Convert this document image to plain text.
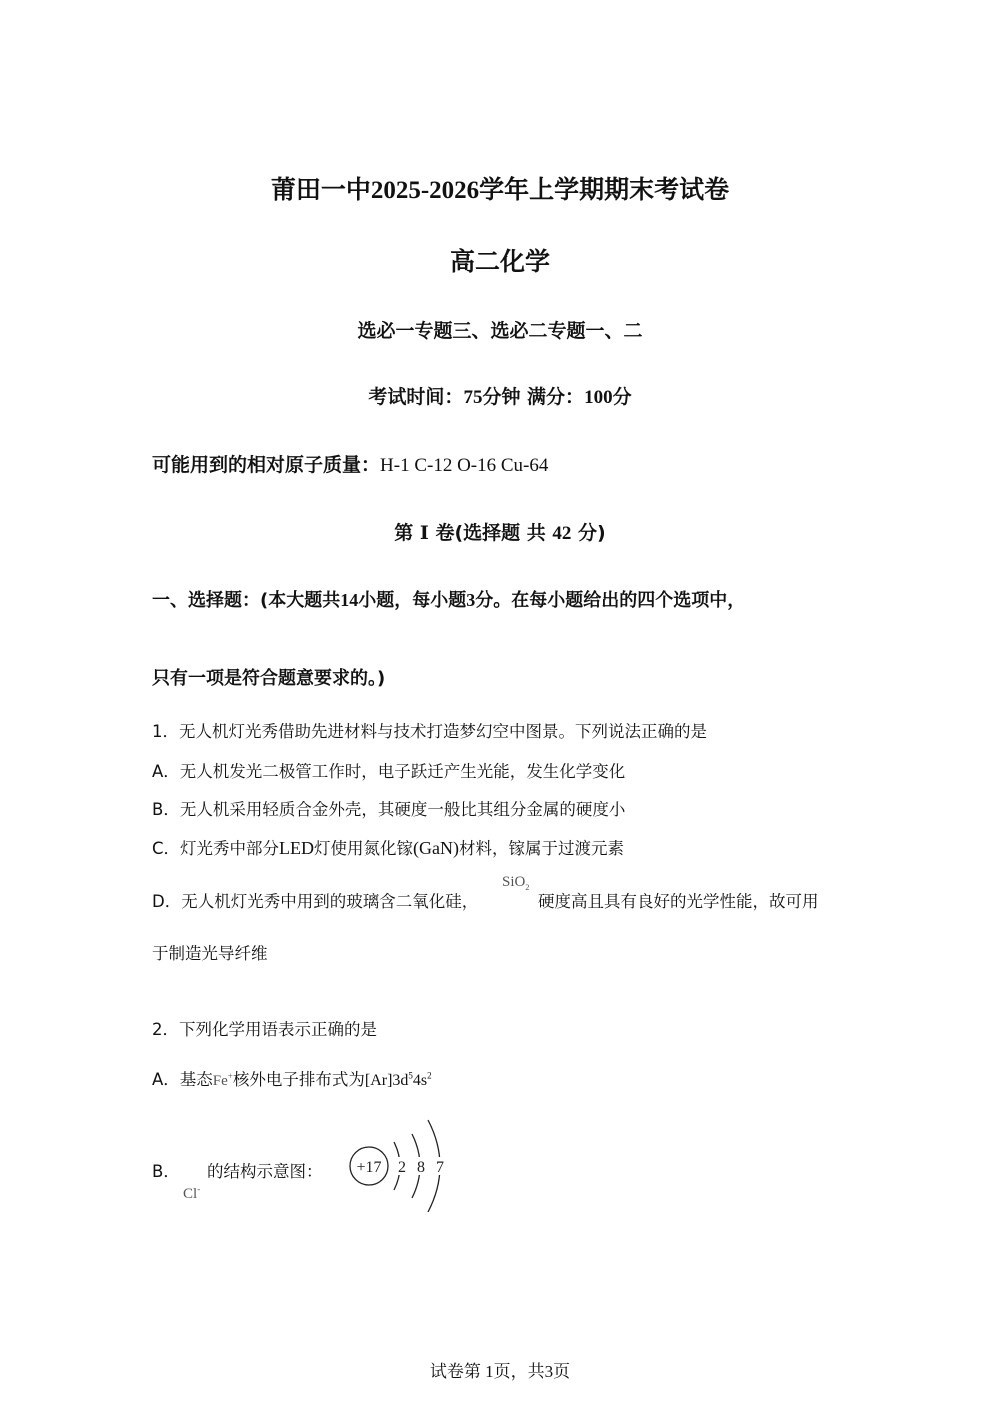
莆田一中2025-2026学年上学期期末考试卷
高二化学
选必一专题三、选必二专题一、二
考试时间：75分钟 满分：100分
可能用到的相对原子质量：H-1 C-12 O-16 Cu-64
第 Ⅰ 卷(选择题 共 42 分)
一、选择题：(本大题共14小题，每小题3分。在每小题给出的四个选项中，
只有一项是符合题意要求的。)
1．无人机灯光秀借助先进材料与技术打造梦幻空中图景。下列说法正确的是
A．无人机发光二极管工作时，电子跃迁产生光能，发生化学变化
B．无人机采用轻质合金外壳，其硬度一般比其组分金属的硬度小
C．灯光秀中部分LED灯使用氮化镓(GaN)材料，镓属于过渡元素
D．无人机灯光秀中用到的玻璃含二氧化硅，
SiO$_2$
硬度高且具有良好的光学性能，故可用
于制造光导纤维
2．下列化学用语表示正确的是
A．基态Fe+核外电子排布式为$[Ar]3d^54s^2$
B． 的结构示意图：
Cl-
+17 2 8 7
试卷第 1页，共3页
